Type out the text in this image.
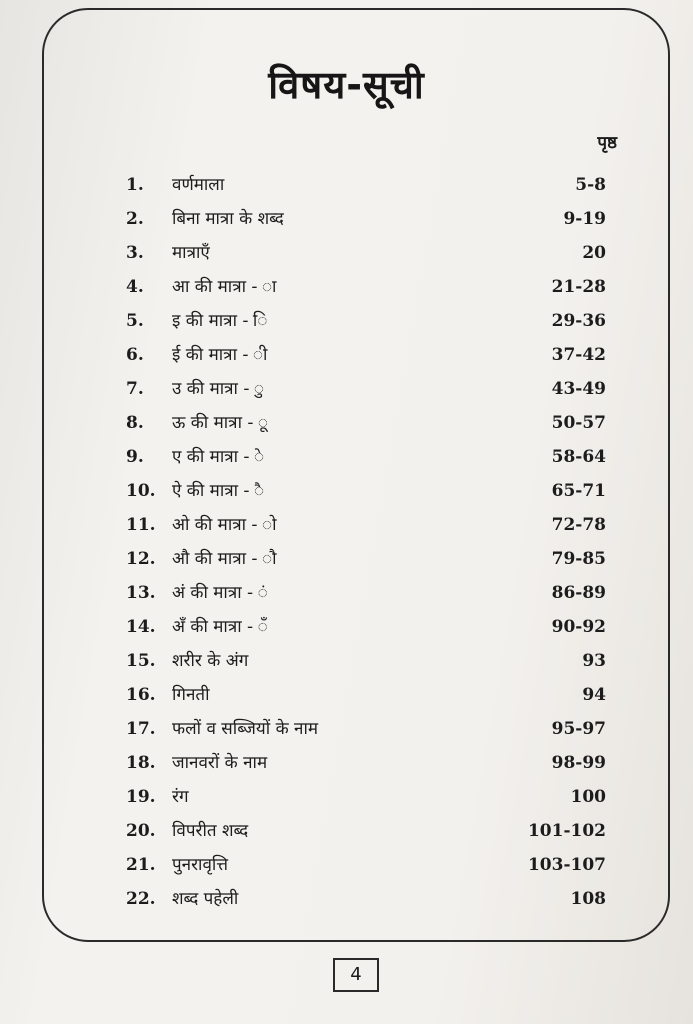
विषय-सूची
पृष्ठ
1. वर्णमाला	5-8
2. बिना मात्रा के शब्द	9-19
3. मात्राएँ	20
4. आ की मात्रा - ा	21-28
5. इ की मात्रा - ि	29-36
6. ई की मात्रा - ी	37-42
7. उ की मात्रा - ु	43-49
8. ऊ की मात्रा - ू	50-57
9. ए की मात्रा - े	58-64
10. ऐ की मात्रा - ै	65-71
11. ओ की मात्रा - ो	72-78
12. औ की मात्रा - ौ	79-85
13. अं की मात्रा - ं	86-89
14. अँ की मात्रा - ँ	90-92
15. शरीर के अंग	93
16. गिनती	94
17. फलों व सब्जियों के नाम	95-97
18. जानवरों के नाम	98-99
19. रंग	100
20. विपरीत शब्द	101-102
21. पुनरावृत्ति	103-107
22. शब्द पहेली	108
4
